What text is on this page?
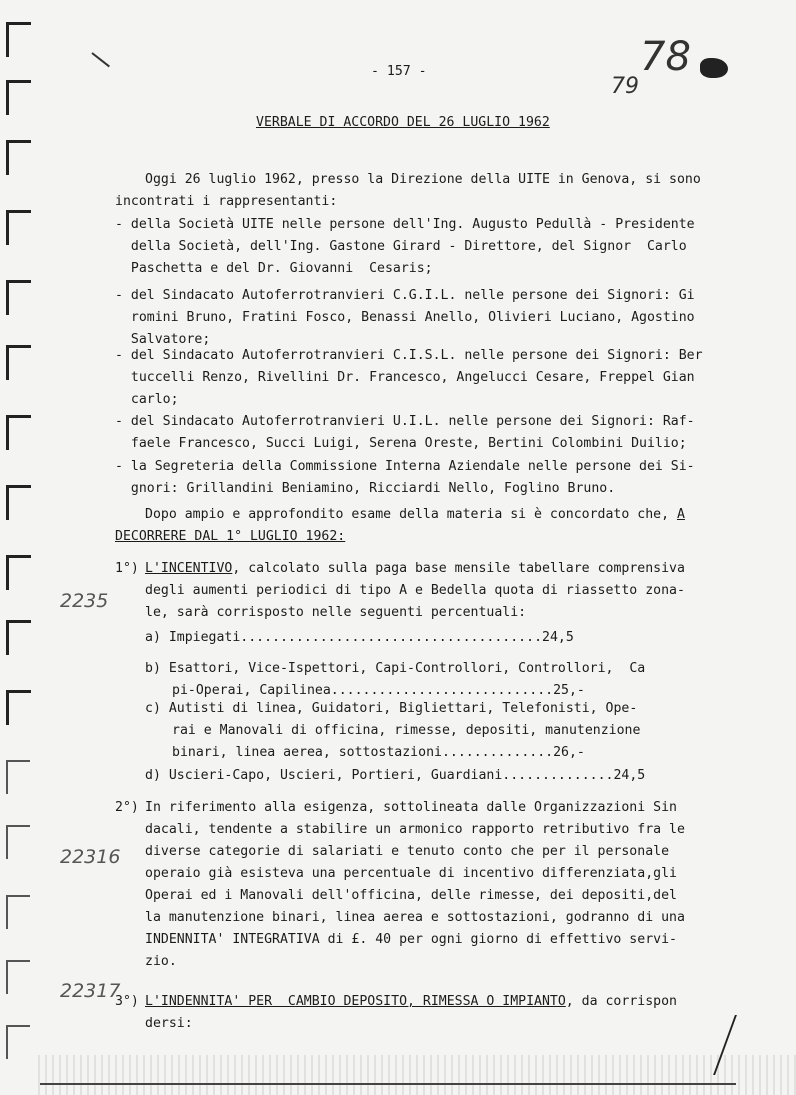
- 157 -	78
79
VERBALE DI ACCORDO DEL 26 LUGLIO 1962
Oggi 26 luglio 1962, presso la Direzione della UITE in Genova, si sono
incontrati i rappresentanti:
- della Società UITE nelle persone dell'Ing. Augusto Pedullà - Presidente
della Società, dell'Ing. Gastone Girard - Direttore, del Signor  Carlo
Paschetta e del Dr. Giovanni  Cesaris;
- del Sindacato Autoferrotranvieri C.G.I.L. nelle persone dei Signori: Gi
romini Bruno, Fratini Fosco, Benassi Anello, Olivieri Luciano, Agostino
Salvatore;
- del Sindacato Autoferrotranvieri C.I.S.L. nelle persone dei Signori: Ber
tuccelli Renzo, Rivellini Dr. Francesco, Angelucci Cesare, Freppel Gian
carlo;
- del Sindacato Autoferrotranvieri U.I.L. nelle persone dei Signori: Raf-
faele Francesco, Succi Luigi, Serena Oreste, Bertini Colombini Duilio;
- la Segreteria della Commissione Interna Aziendale nelle persone dei Si-
gnori: Grillandini Beniamino, Ricciardi Nello, Foglino Bruno.
Dopo ampio e approfondito esame della materia si è concordato che, A
DECORRERE DAL 1° LUGLIO 1962:
1°) L'INCENTIVO, calcolato sulla paga base mensile tabellare comprensiva
degli aumenti periodici di tipo A e Bedella quota di riassetto zona-
le, sarà corrisposto nelle seguenti percentuali:
a) Impiegati......................................24,5
b) Esattori, Vice-Ispettori, Capi-Controllori, Controllori,  Ca
pi-Operai, Capilinea............................25,-
c) Autisti di linea, Guidatori, Bigliettari, Telefonisti, Ope-
rai e Manovali di officina, rimesse, depositi, manutenzione
binari, linea aerea, sottostazioni..............26,-
d) Uscieri-Capo, Uscieri, Portieri, Guardiani..............24,5
2°) In riferimento alla esigenza, sottolineata dalle Organizzazioni Sin
dacali, tendente a stabilire un armonico rapporto retributivo fra le
diverse categorie di salariati e tenuto conto che per il personale
operaio già esisteva una percentuale di incentivo differenziata,gli
Operai ed i Manovali dell'officina, delle rimesse, dei depositi,del
la manutenzione binari, linea aerea e sottostazioni, godranno di una
INDENNITA' INTEGRATIVA di £. 40 per ogni giorno di effettivo servi-
zio.
3°) L'INDENNITA' PER  CAMBIO DEPOSITO, RIMESSA O IMPIANTO, da corrispon
dersi:
2235
22316
22317
